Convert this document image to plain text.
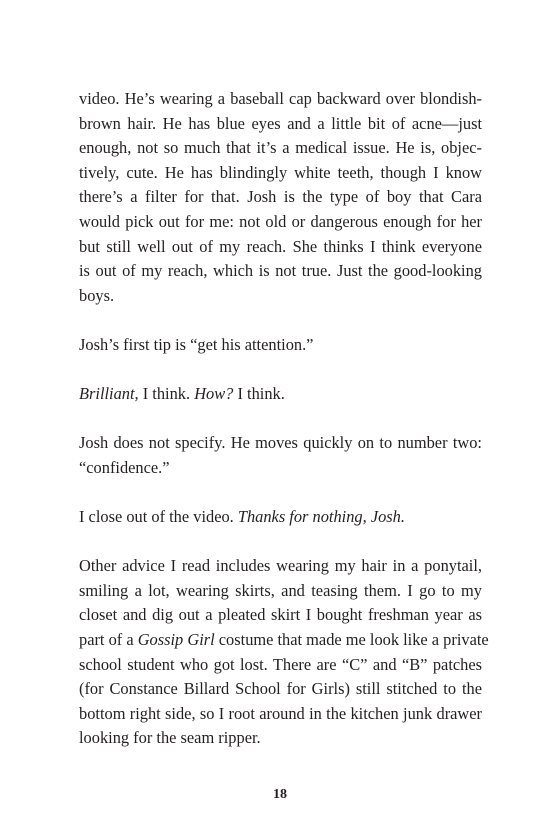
video. He’s wearing a baseball cap backward over blondish-
brown hair. He has blue eyes and a little bit of acne—just
enough, not so much that it’s a medical issue. He is, objec-
tively, cute. He has blindingly white teeth, though I know
there’s a filter for that. Josh is the type of boy that Cara
would pick out for me: not old or dangerous enough for her
but still well out of my reach. She thinks I think everyone
is out of my reach, which is not true. Just the good-looking
boys.

Josh’s first tip is “get his attention.”

Brilliant, I think. How? I think.

Josh does not specify. He moves quickly on to number two:
“confidence.”

I close out of the video. Thanks for nothing, Josh.

Other advice I read includes wearing my hair in a ponytail,
smiling a lot, wearing skirts, and teasing them. I go to my
closet and dig out a pleated skirt I bought freshman year as
part of a Gossip Girl costume that made me look like a private
school student who got lost. There are “C” and “B” patches
(for Constance Billard School for Girls) still stitched to the
bottom right side, so I root around in the kitchen junk drawer
looking for the seam ripper.

18
